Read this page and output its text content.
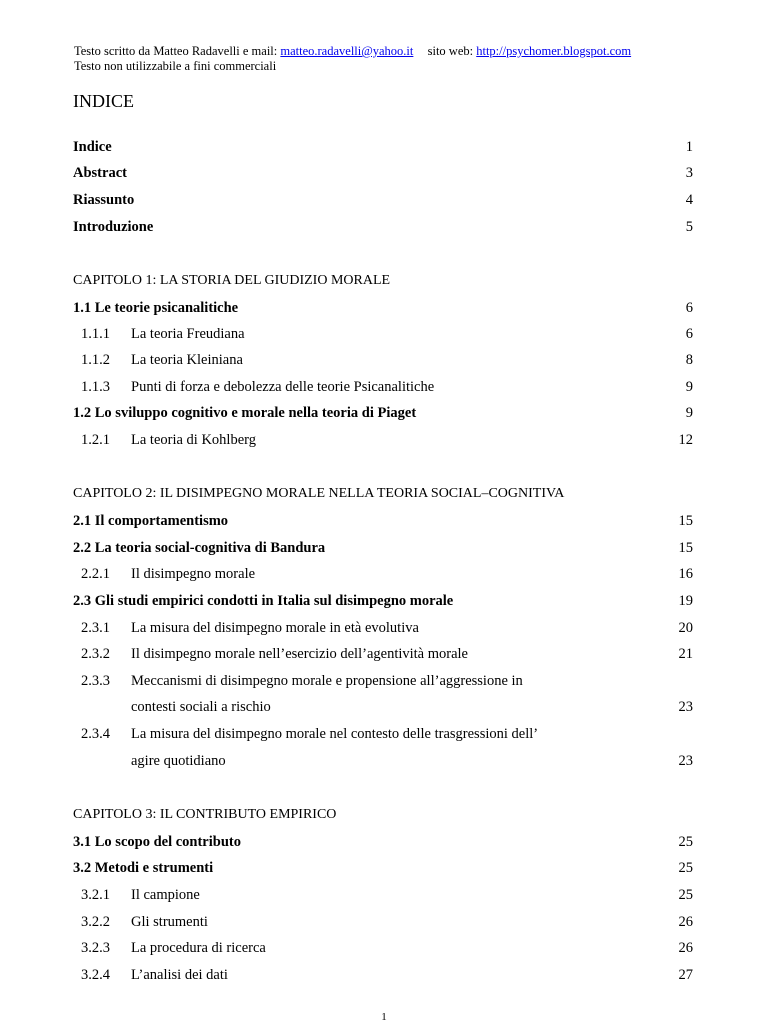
Testo scritto da Matteo Radavelli e mail: matteo.radavelli@yahoo.it sito web: http://psychomer.blogspot.com
Testo non utilizzabile a fini commerciali
INDICE
Indice	1
Abstract	3
Riassunto	4
Introduzione	5
CAPITOLO 1: LA STORIA DEL GIUDIZIO MORALE
1.1 Le teorie psicanalitiche	6
1.1.1 La teoria Freudiana	6
1.1.2 La teoria Kleiniana	8
1.1.3 Punti di forza e debolezza delle teorie Psicanalitiche	9
1.2 Lo sviluppo cognitivo e morale nella teoria di Piaget	9
1.2.1 La teoria di Kohlberg	12
CAPITOLO 2: IL DISIMPEGNO MORALE NELLA TEORIA SOCIAL–COGNITIVA
2.1 Il comportamentismo	15
2.2 La teoria social-cognitiva di Bandura	15
2.2.1 Il disimpegno morale	16
2.3 Gli studi empirici condotti in Italia sul disimpegno morale	19
2.3.1 La misura del disimpegno morale in età evolutiva	20
2.3.2 Il disimpegno morale nell’esercizio dell’agentività morale	21
2.3.3 Meccanismi di disimpegno morale e propensione all’aggressione in
contesti sociali a rischio	23
2.3.4 La misura del disimpegno morale nel contesto delle trasgressioni dell’
agire quotidiano	23
CAPITOLO 3: IL CONTRIBUTO EMPIRICO
3.1 Lo scopo del contributo	25
3.2 Metodi e strumenti	25
3.2.1 Il campione	25
3.2.2 Gli strumenti	26
3.2.3 La procedura di ricerca	26
3.2.4 L’analisi dei dati	27
1
